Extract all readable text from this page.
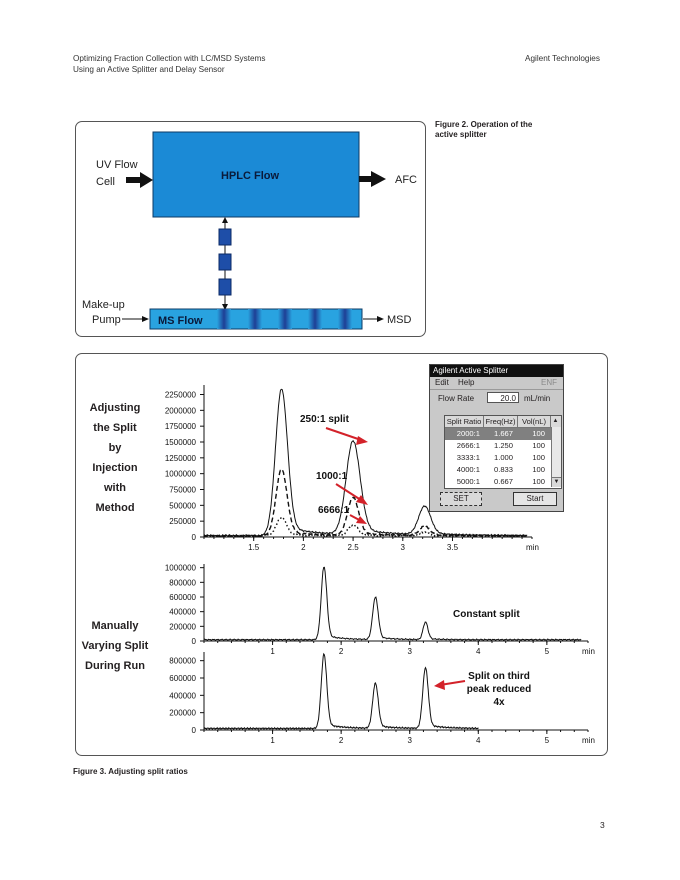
Optimizing Fraction Collection with LC/MSD Systems
Using an Active Splitter and Delay Sensor
Agilent Technologies
HPLC Flow
UV Flow
Cell	AFC
Make-up
Pump	MS Flow	MSD
Figure 2. Operation of the
active splitter
Adjusting
the Split
by
Injection
with
Method
Manually
Varying Split
During Run
0
250000
500000
750000
1000000
1250000
1500000
1750000
2000000
2250000
1.5	2	2.5	3	3.5	min
0
200000
400000
600000
800000
1000000
1	2	3	4	5	min
0
200000
400000
600000
800000
1	2	3	4	5	min
250:1 split
1000:1
6666:1
Constant split
Split on third
peak reduced
4x
Agilent Active Splitter
Edit Help	ENF
Flow Rate	20.0	mL/min
Split Ratio Freq(Hz) Vol(nL)	▲
2000:1	1.667	100
2666:1	1.250	100
3333:1	1.000	100
4000:1	0.833	100
5000:1	0.667	100	▼
SET	Start
Figure 3. Adjusting split ratios
3
